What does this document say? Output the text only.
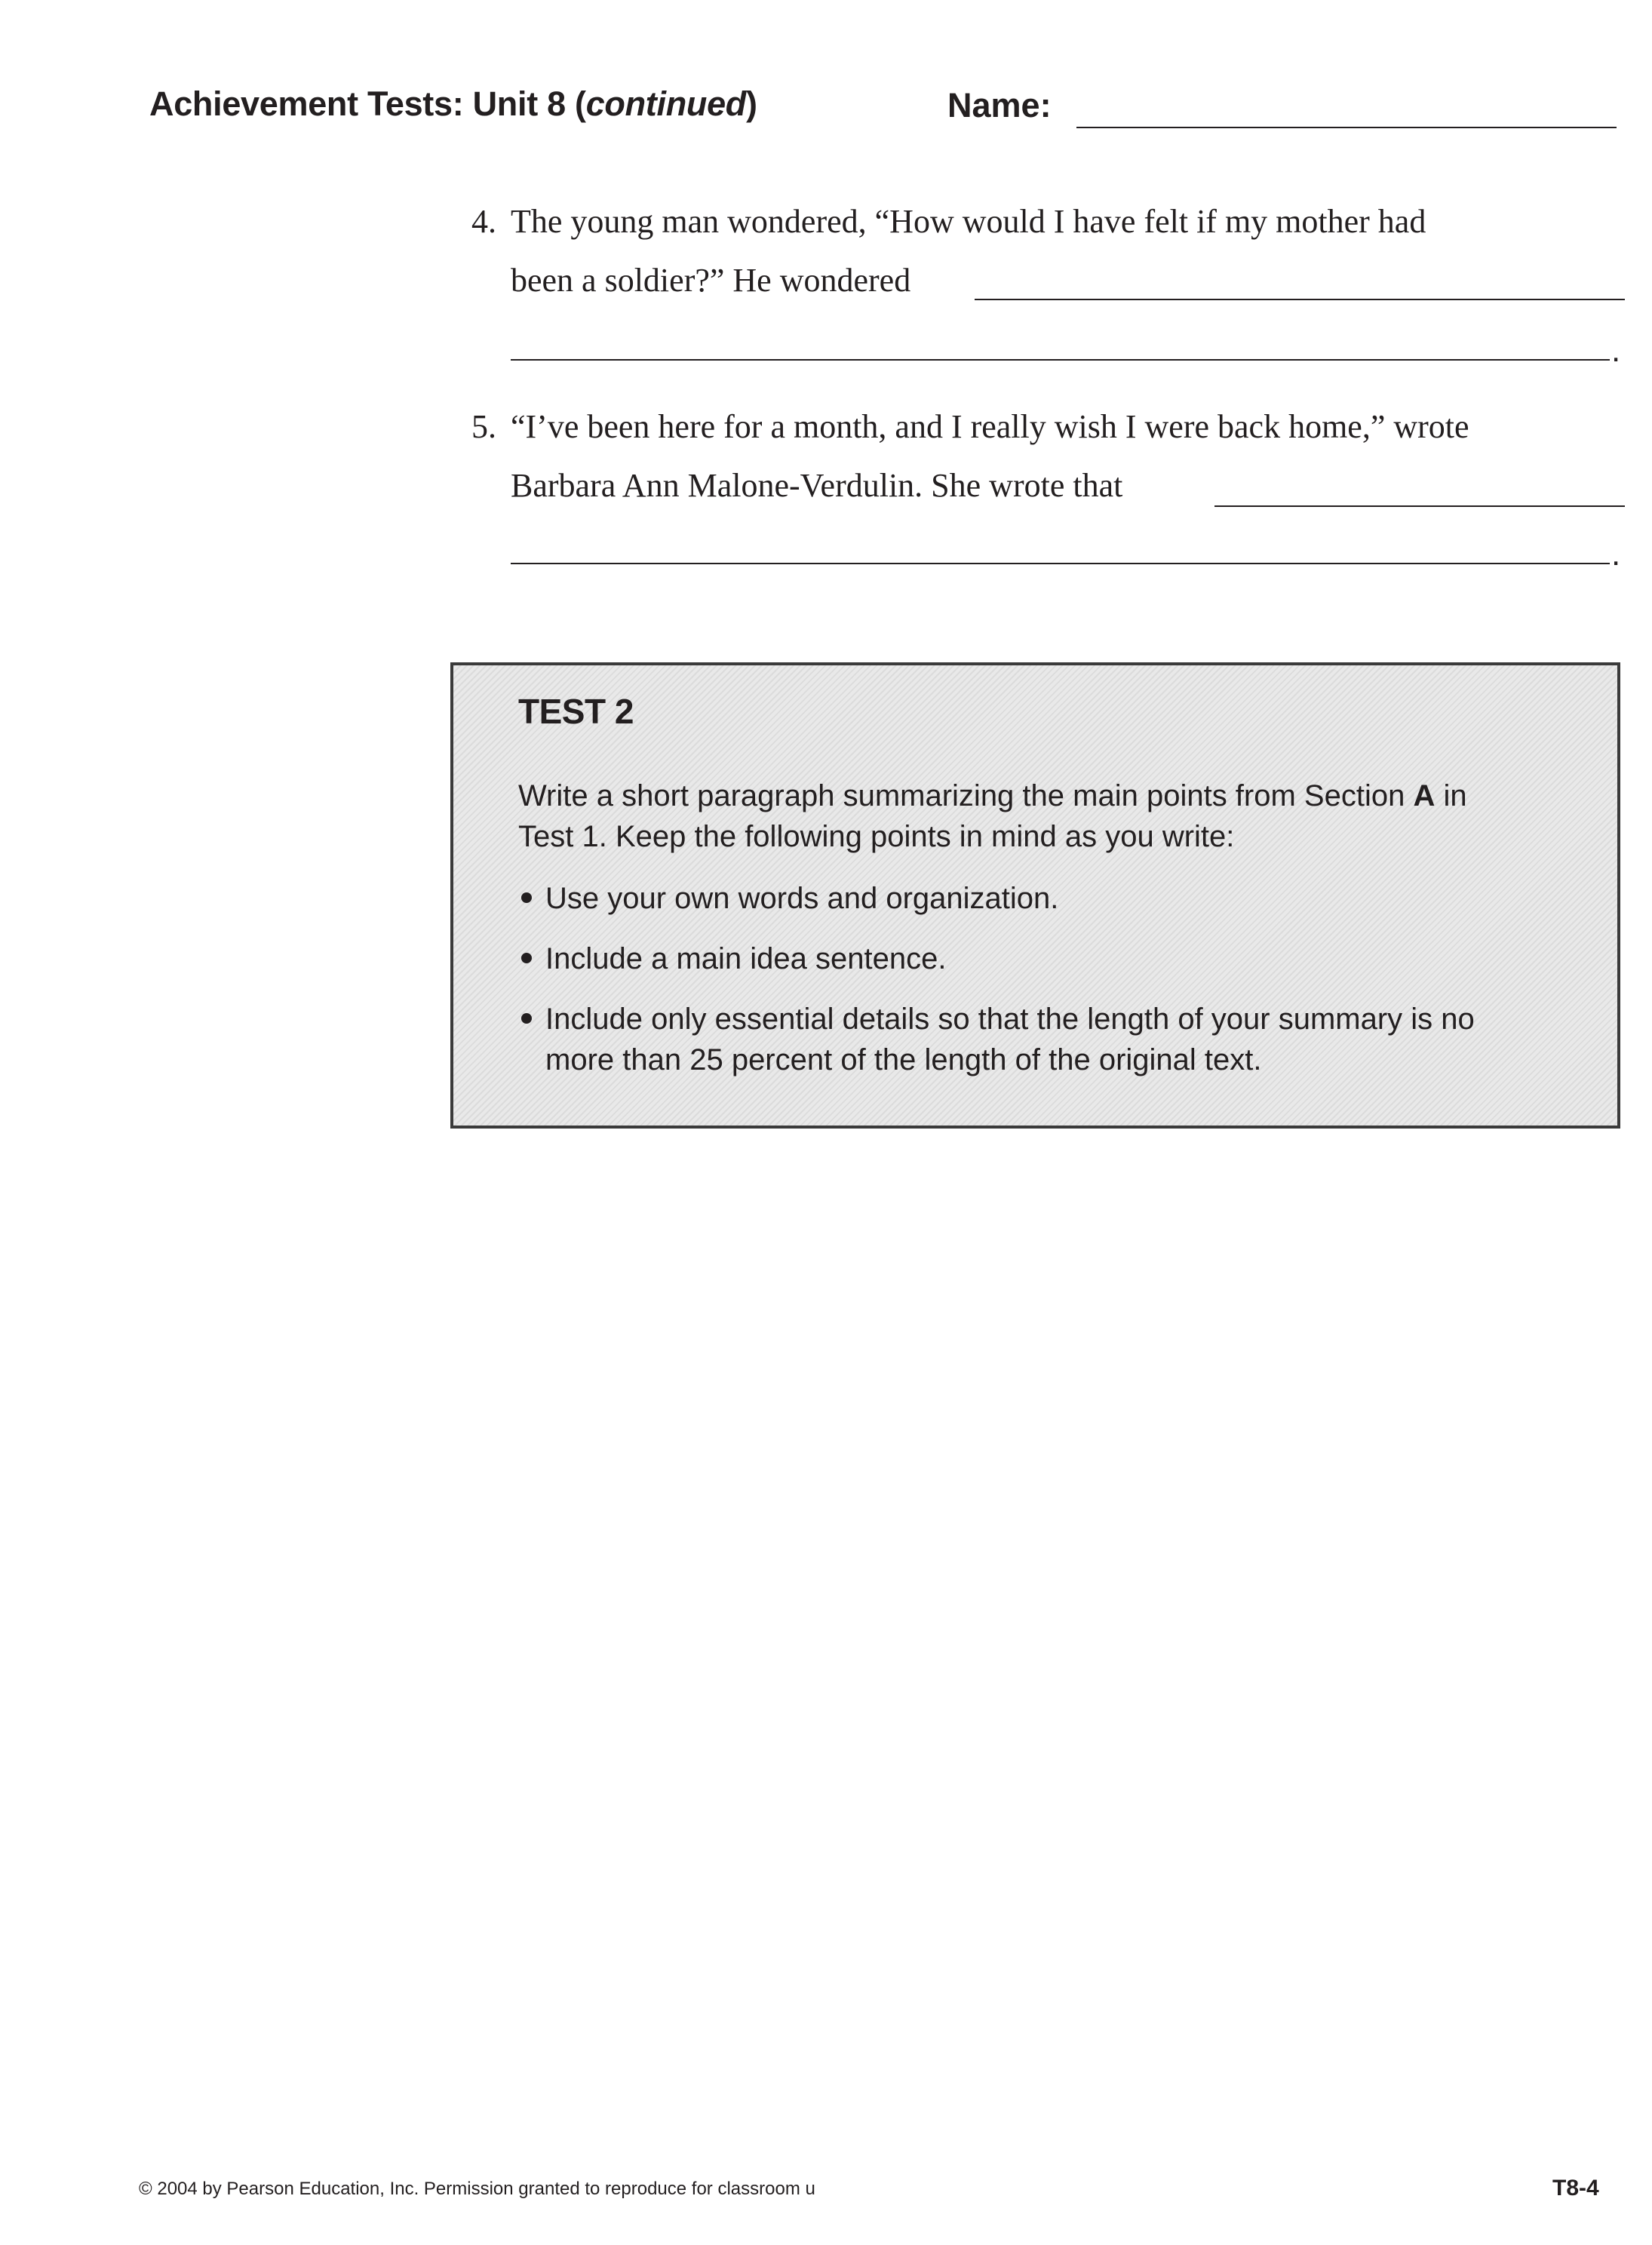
Achievement Tests: Unit 8 (continued)	Name:
4. The young man wondered, “How would I have felt if my mother had
been a soldier?” He wondered
.
5. “I’ve been here for a month, and I really wish I were back home,” wrote
Barbara Ann Malone-Verdulin. She wrote that
.
TEST 2
Write a short paragraph summarizing the main points from Section A in Test 1. Keep the following points in mind as you write:
Use your own words and organization.
Include a main idea sentence.
Include only essential details so that the length of your summary is no more than 25 percent of the length of the original text.
© 2004 by Pearson Education, Inc. Permission granted to reproduce for classroom u	T8-4
